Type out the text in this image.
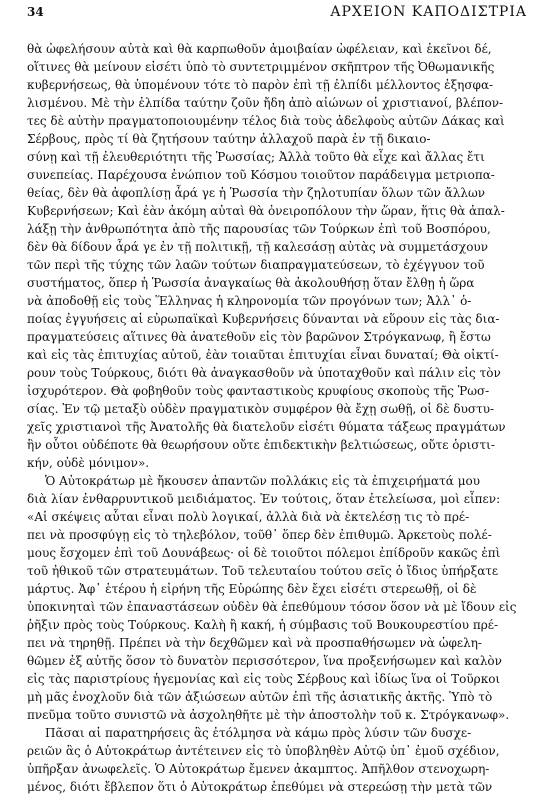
34	ΑΡΧΕΙΟΝ ΚΑΠΟΔΙΣΤΡΙΑ

θὰ ὠφελήσουν αὐτὰ καὶ θὰ καρπωθοῦν ἀμοιβαίαν ὠφέλειαν, καὶ ἐκεῖνοι δέ,
οἵτινες θὰ μείνουν εἰσέτι ὑπὸ τὸ συντετριμμένον σκῆπτρον τῆς Ὀθωμανικῆς
κυβερνήσεως, θὰ ὑπομένουν τότε τὸ παρὸν ἐπὶ τῇ ἐλπίδι μέλλοντος ἐξησφα-
λισμένου. Μὲ τὴν ἐλπίδα ταύτην ζοῦν ἤδη ἀπὸ αἰώνων οἱ χριστιανοί, βλέπον-
τες δὲ αὐτὴν πραγματοποιουμένην τέλος διὰ τοὺς ἀδελφοὺς αὐτῶν Δάκας καὶ
Σέρβους, πρὸς τί θὰ ζητήσουν ταύτην ἀλλαχοῦ παρὰ ἐν τῇ δικαιο-
σύνῃ καὶ τῇ ἐλευθεριότητι τῆς Ῥωσσίας; Ἀλλὰ τοῦτο θὰ εἶχε καὶ ἄλλας ἔτι
συνεπείας. Παρέχουσα ἐνώπιον τοῦ Κόσμου τοιοῦτον παράδειγμα μετριοπα-
θείας, δὲν θὰ ἀφοπλίσῃ ἆρά γε ἡ Ῥωσσία τὴν ζηλοτυπίαν ὅλων τῶν ἄλλων
Κυβερνήσεων; Καὶ ἐὰν ἀκόμη αὐταὶ θὰ ὀνειροπόλουν τὴν ὥραν, ἥτις θὰ ἀπαλ-
λάξῃ τὴν ἀνθρωπότητα ἀπὸ τῆς παρουσίας τῶν Τούρκων ἐπὶ τοῦ Βοσπόρου,
δὲν θὰ δίδουν ἆρά γε ἐν τῇ πολιτικῇ, τῇ καλεσάσῃ αὐτὰς νὰ συμμετάσχουν
τῶν περὶ τῆς τύχης τῶν λαῶν τούτων διαπραγματεύσεων, τὸ ἐχέγγυον τοῦ
συστήματος, ὅπερ ἡ Ῥωσσία ἀναγκαίως θὰ ἀκολουθήσῃ ὅταν ἔλθῃ ἡ ὥρα
νὰ ἀποδοθῇ εἰς τοὺς Ἕλληνας ἡ κληρονομία τῶν προγόνων των; Ἀλλ᾽ ὁ-
ποίας ἐγγυήσεις αἱ εὐρωπαϊκαὶ Κυβερνήσεις δύνανται νὰ εὕρουν εἰς τὰς δια-
πραγματεύσεις αἵτινες θὰ ἀνατεθοῦν εἰς τὸν βαρῶνον Στρόγκανωφ, ἢ ἔστω
καὶ εἰς τὰς ἐπιτυχίας αὐτοῦ, ἐὰν τοιαῦται ἐπιτυχίαι εἶναι δυναταί; Θὰ οἰκτί-
ρουν τοὺς Τούρκους, διότι θὰ ἀναγκασθοῦν νὰ ὑποταχθοῦν καὶ πάλιν εἰς τὸν
ἰσχυρότερον. Θὰ φοβηθοῦν τοὺς φανταστικοὺς κρυφίους σκοποὺς τῆς Ῥωσ-
σίας. Ἐν τῷ μεταξὺ οὐδὲν πραγματικὸν συμφέρον θὰ ἔχῃ σωθῇ, οἱ δὲ δυστυ-
χεῖς χριστιανοὶ τῆς Ἀνατολῆς θὰ διατελοῦν εἰσέτι θύματα τάξεως πραγμάτων
ἣν οὗτοι οὐδέποτε θὰ θεωρήσουν οὔτε ἐπιδεκτικὴν βελτιώσεως, οὔτε ὁριστι-
κήν, οὐδὲ μόνιμον».

Ὁ Αὐτοκράτωρ μὲ ἤκουσεν ἀπαντῶν πολλάκις εἰς τὰ ἐπιχειρήματά μου
διὰ λίαν ἐνθαρρυντικοῦ μειδιάματος. Ἐν τούτοις, ὅταν ἐτελείωσα, μοὶ εἶπεν:
«Αἱ σκέψεις αὗται εἶναι πολὺ λογικαί, ἀλλὰ διὰ νὰ ἐκτελέσῃ τις τὸ πρέ-
πει νὰ προσφύγῃ εἰς τὸ τηλεβόλον, τοῦθ᾽ ὅπερ δὲν ἐπιθυμῶ. Ἀρκετοὺς πολέ-
μους ἔσχομεν ἐπὶ τοῦ Δουνάβεως· οἱ δὲ τοιοῦτοι πόλεμοι ἐπίδροῦν κακῶς ἐπὶ
τοῦ ἠθικοῦ τῶν στρατευμάτων. Τοῦ τελευταίου τούτου σεῖς ὁ ἴδιος ὑπήρξατε
μάρτυς. Ἀφ᾽ ἑτέρου ἡ εἰρήνη τῆς Εὐρώπης δὲν ἔχει εἰσέτι στερεωθῇ, οἱ δὲ
ὑποκινηταὶ τῶν ἐπαναστάσεων οὐδὲν θὰ ἐπεθύμουν τόσον ὅσον νὰ μὲ ἴδουν εἰς
ῥῆξιν πρὸς τοὺς Τούρκους. Καλὴ ἢ κακή, ἡ σύμβασις τοῦ Βουκουρεστίου πρέ-
πει νὰ τηρηθῇ. Πρέπει νὰ τὴν δεχθῶμεν καὶ νὰ προσπαθήσωμεν νὰ ὠφελη-
θῶμεν ἐξ αὐτῆς ὅσον τὸ δυνατὸν περισσότερον, ἵνα προξενήσωμεν καὶ καλὸν
εἰς τὰς παριστρίους ἡγεμονίας καὶ εἰς τοὺς Σέρβους καὶ ἰδίως ἵνα οἱ Τοῦρκοι
μὴ μᾶς ἐνοχλοῦν διὰ τῶν ἀξιώσεων αὐτῶν ἐπὶ τῆς ἀσιατικῆς ἀκτῆς. Ὑπὸ τὸ
πνεῦμα τοῦτο συνιστῶ νὰ ἀσχοληθῆτε μὲ τὴν ἀποστολὴν τοῦ κ. Στρόγκανωφ».

Πᾶσαι αἱ παρατηρήσεις ἃς ἐτόλμησα νὰ κάμω πρὸς λύσιν τῶν δυσχε-
ρειῶν ἃς ὁ Αὐτοκράτωρ ἀντέτεινεν εἰς τὸ ὑποβληθὲν Αὐτῷ ὑπ᾽ ἐμοῦ σχέδιον,
ὑπῆρξαν ἀνωφελεῖς. Ὁ Αὐτοκράτωρ ἔμενεν ἀκαμπτος. Ἀπῆλθον στενοχωρη-
μένος, διότι ἔβλεπον ὅτι ὁ Αὐτοκράτωρ ἐπεθύμει νὰ στερεώσῃ τὴν μετὰ τῶν
